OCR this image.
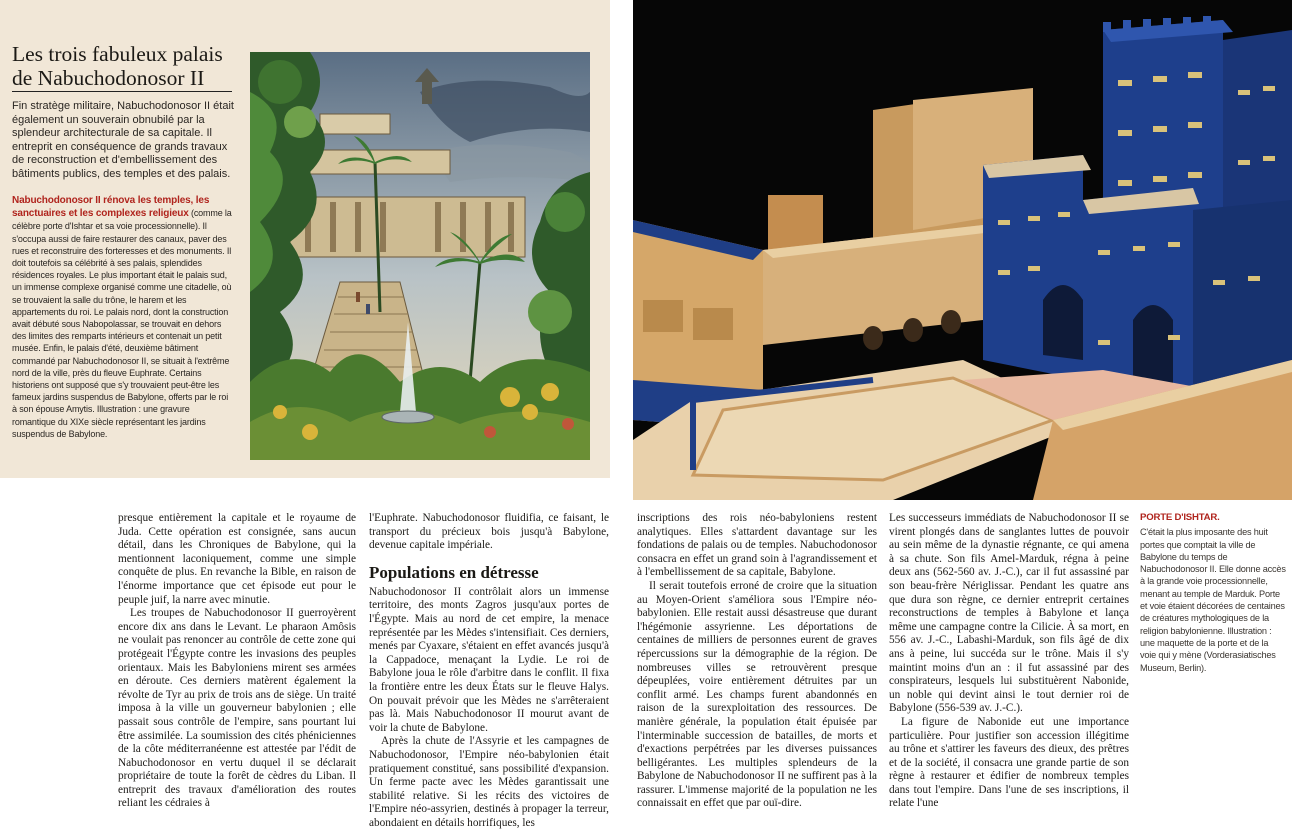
Les trois fabuleux palais de Nabuchodonosor II
Fin stratège militaire, Nabuchodonosor II était également un souverain obnubilé par la splendeur architecturale de sa capitale. Il entreprit en conséquence de grands travaux de reconstruction et d'embellissement des bâtiments publics, des temples et des palais.
Nabuchodonosor II rénova les temples, les sanctuaires et les complexes religieux (comme la célèbre porte d'Ishtar et sa voie processionnelle). Il s'occupa aussi de faire restaurer des canaux, paver des rues et reconstruire des forteresses et des monuments. Il doit toutefois sa célébrité à ses palais, splendides résidences royales. Le plus important était le palais sud, un immense complexe organisé comme une citadelle, où se trouvaient la salle du trône, le harem et les appartements du roi. Le palais nord, dont la construction avait débuté sous Nabopolassar, se trouvait en dehors des limites des remparts intérieurs et contenait un petit musée. Enfin, le palais d'été, deuxième bâtiment commandé par Nabuchodonosor II, se situait à l'extrême nord de la ville, près du fleuve Euphrate. Certains historiens ont supposé que s'y trouvaient peut-être les fameux jardins suspendus de Babylone, offerts par le roi à son épouse Amytis. Illustration : une gravure romantique du XIXe siècle représentant les jardins suspendus de Babylone.

presque entièrement la capitale et le royaume de Juda. Cette opération est consignée, sans aucun détail, dans les Chroniques de Babylone, qui la mentionnent laconiquement, comme une simple conquête de plus. En revanche la Bible, en raison de l'énorme importance que cet épisode eut pour le peuple juif, la narre avec minutie.

Les troupes de Nabuchodonosor II guerroyèrent encore dix ans dans le Levant. Le pharaon Amôsis ne voulait pas renoncer au contrôle de cette zone qui protégeait l'Égypte contre les invasions des peuples orientaux. Mais les Babyloniens mirent ses armées en déroute. Ces derniers matèrent également la révolte de Tyr au prix de trois ans de siège. Un traité imposa à la ville un gouverneur babylonien ; elle passait sous contrôle de l'empire, sans pourtant lui être assimilée. La soumission des cités phéniciennes de la côte méditerranéenne est attestée par l'édit de Nabuchodonosor en vertu duquel il se déclarait propriétaire de toute la forêt de cèdres du Liban. Il entreprit des travaux d'amélioration des routes reliant les cédraies à

l'Euphrate. Nabuchodonosor fluidifia, ce faisant, le transport du précieux bois jusqu'à Babylone, devenue capitale impériale.

Populations en détresse

Nabuchodonosor II contrôlait alors un immense territoire, des monts Zagros jusqu'aux portes de l'Égypte. Mais au nord de cet empire, la menace représentée par les Mèdes s'intensifiait. Ces derniers, menés par Cyaxare, s'étaient en effet avancés jusqu'à la Cappadoce, menaçant la Lydie. Le roi de Babylone joua le rôle d'arbitre dans le conflit. Il fixa la frontière entre les deux États sur le fleuve Halys. On pouvait prévoir que les Mèdes ne s'arrêteraient pas là. Mais Nabuchodonosor II mourut avant de voir la chute de Babylone.

Après la chute de l'Assyrie et les campagnes de Nabuchodonosor, l'Empire néo-babylonien était pratiquement constitué, sans possibilité d'expansion. Un ferme pacte avec les Mèdes garantissait une stabilité relative. Si les récits des victoires de l'Empire néo-assyrien, destinés à propager la terreur, abondaient en détails horrifiques, les

inscriptions des rois néo-babyloniens restent analytiques. Elles s'attardent davantage sur les fondations de palais ou de temples. Nabuchodonosor consacra en effet un grand soin à l'agrandissement et à l'embellissement de sa capitale, Babylone.

Il serait toutefois erroné de croire que la situation au Moyen-Orient s'améliora sous l'Empire néo-babylonien. Elle restait aussi désastreuse que durant l'hégémonie assyrienne. Les déportations de centaines de milliers de personnes eurent de graves répercussions sur la démographie de la région. De nombreuses villes se retrouvèrent presque dépeuplées, voire entièrement détruites par un conflit armé. Les champs furent abandonnés en raison de la surexploitation des ressources. De manière générale, la population était épuisée par l'interminable succession de batailles, de morts et d'exactions perpétrées par les diverses puissances belligérantes. Les multiples splendeurs de la Babylone de Nabuchodonosor II ne suffirent pas à la rassurer. L'immense majorité de la population ne les connaissait en effet que par ouï-dire.

Les successeurs immédiats de Nabuchodonosor II se virent plongés dans de sanglantes luttes de pouvoir au sein même de la dynastie régnante, ce qui amena à sa chute. Son fils Amel-Marduk, régna à peine deux ans (562-560 av. J.-C.), car il fut assassiné par son beau-frère Nériglissar. Pendant les quatre ans que dura son règne, ce dernier entreprit certaines reconstructions de temples à Babylone et lança même une campagne contre la Cilicie. À sa mort, en 556 av. J.-C., Labashi-Marduk, son fils âgé de dix ans à peine, lui succéda sur le trône. Mais il s'y maintint moins d'un an : il fut assassiné par des conspirateurs, lesquels lui substituèrent Nabonide, un noble qui devint ainsi le tout dernier roi de Babylone (556-539 av. J.-C.).

La figure de Nabonide eut une importance particulière. Pour justifier son accession illégitime au trône et s'attirer les faveurs des dieux, des prêtres et de la société, il consacra une grande partie de son règne à restaurer et édifier de nombreux temples dans tout l'empire. Dans l'une de ses inscriptions, il relate l'une

PORTE D'ISHTAR.
C'était la plus imposante des huit portes que comptait la ville de Babylone du temps de Nabuchodonosor II. Elle donne accès à la grande voie processionnelle, menant au temple de Marduk. Porte et voie étaient décorées de centaines de créatures mythologiques de la religion babylonienne. Illustration : une maquette de la porte et de la voie qui y mène (Vorderasiatisches Museum, Berlin).
